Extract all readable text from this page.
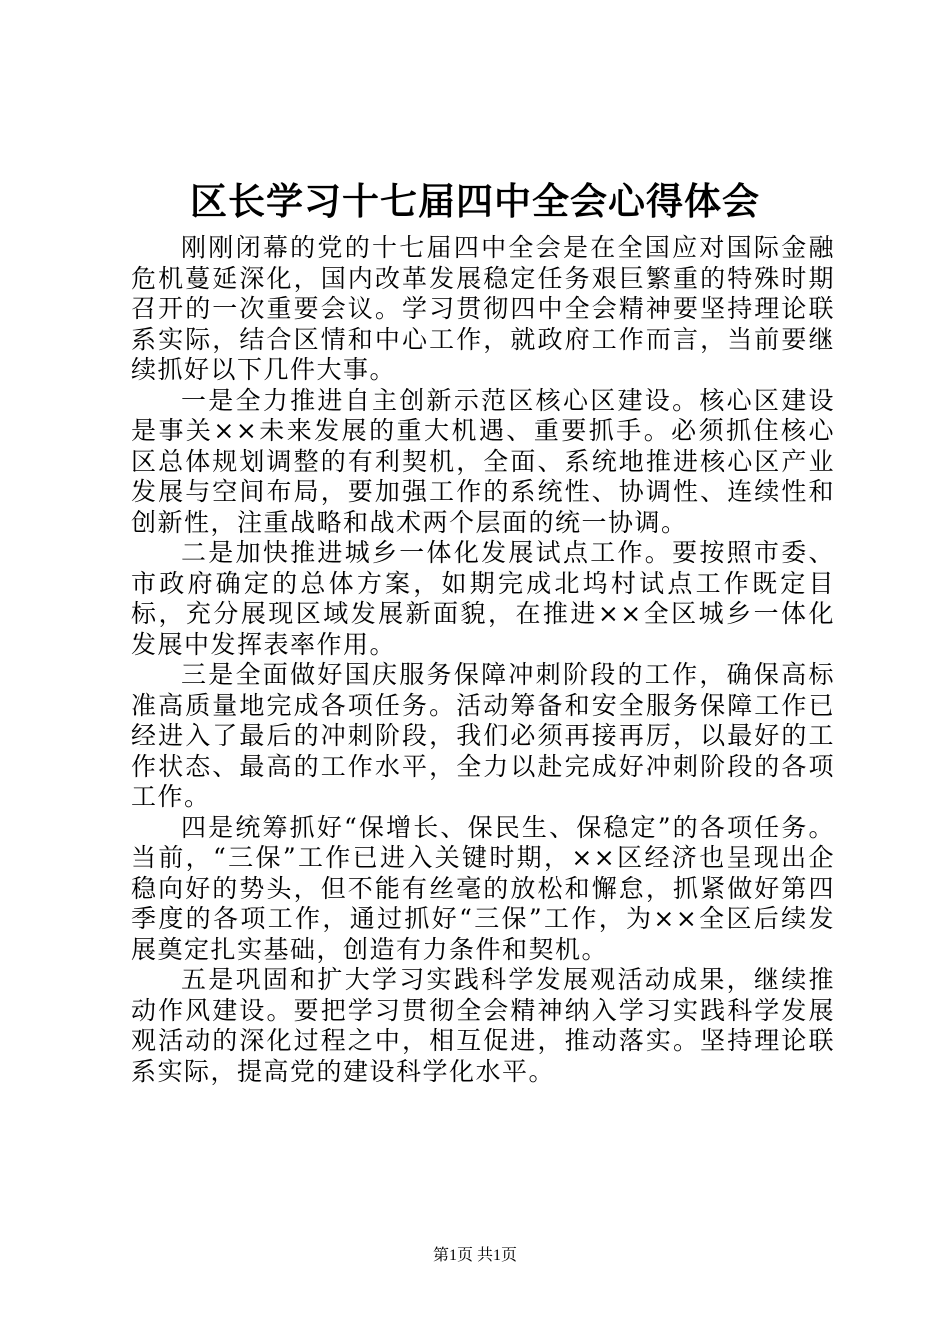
区长学习十七届四中全会心得体会

刚刚闭幕的党的十七届四中全会是在全国应对国际金融危机蔓延深化，国内改革发展稳定任务艰巨繁重的特殊时期召开的一次重要会议。学习贯彻四中全会精神要坚持理论联系实际，结合区情和中心工作，就政府工作而言，当前要继续抓好以下几件大事。

一是全力推进自主创新示范区核心区建设。核心区建设是事关××未来发展的重大机遇、重要抓手。必须抓住核心区总体规划调整的有利契机，全面、系统地推进核心区产业发展与空间布局，要加强工作的系统性、协调性、连续性和创新性，注重战略和战术两个层面的统一协调。

二是加快推进城乡一体化发展试点工作。要按照市委、市政府确定的总体方案，如期完成北坞村试点工作既定目标，充分展现区域发展新面貌，在推进××全区城乡一体化发展中发挥表率作用。

三是全面做好国庆服务保障冲刺阶段的工作，确保高标准高质量地完成各项任务。活动筹备和安全服务保障工作已经进入了最后的冲刺阶段，我们必须再接再厉，以最好的工作状态、最高的工作水平，全力以赴完成好冲刺阶段的各项工作。

四是统筹抓好“保增长、保民生、保稳定”的各项任务。当前，“三保”工作已进入关键时期，××区经济也呈现出企稳向好的势头，但不能有丝毫的放松和懈怠，抓紧做好第四季度的各项工作，通过抓好“三保”工作，为××全区后续发展奠定扎实基础，创造有力条件和契机。

五是巩固和扩大学习实践科学发展观活动成果，继续推动作风建设。要把学习贯彻全会精神纳入学习实践科学发展观活动的深化过程之中，相互促进，推动落实。坚持理论联系实际，提高党的建设科学化水平。

第1页 共1页
